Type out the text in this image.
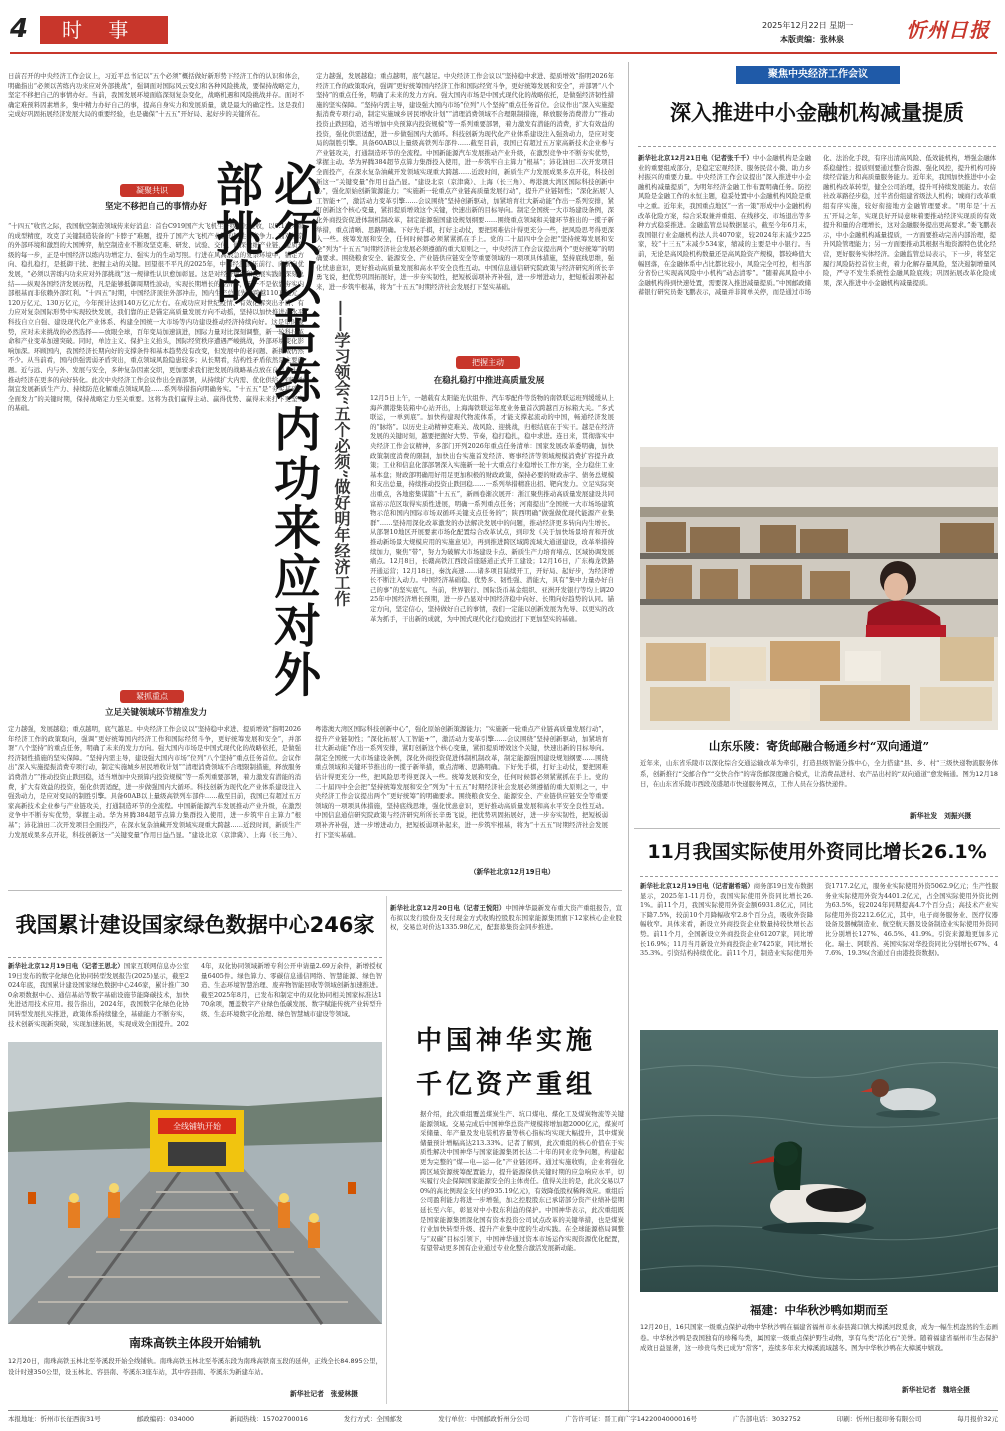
4	时 事	2025年12月22日 星期一
本版责编：张林泉	忻州日报
日前召开的中央经济工作会议上，习近平总书记以“五个必须”概括做好新形势下经济工作的认识和体会，明确指出“必须以苦练内功来应对外部挑战”，强调面对国际风云变幻和各种风险挑战，要保持战略定力，坚定不移把自己的事情办好。当前，我国发展环境面临深刻复杂变化，战略机遇和风险挑战并存。面对不确定难预料因素增多，集中精力办好自己的事，提高自身实力和发展质量，就是最大的确定性。这是我们完成好巩固拓展经济发展大局的重要经验，也是确保“十五五”开好局、起好步的关键所在。
凝聚共识
坚定不移把自己的事情办好
“十四五”收官之际，我国航空制造领域传来好消息：首台C919国产大飞机生产线通过验收，以0.1毫米级的成型精度，攻克了关键制造装备的“卡脖子”难题，提升了国产大飞机产业链的韧性与竞争力。面对复杂的外部环境和激烈的大国博弈，航空制造业不断攻坚克难、研发、试验、交付，做深做细产业链，提质升级的每一步，正是中国经济以练内功增定力、强实力的生动写照。行进在风高浪急的复杂环境中，锚定方向、稳扎稳打，是抵御干扰、把握主动的关键。回望很不平凡的2025年，中国经济顶压前行、向新向优发展，“必须以苦练内功来应对外部挑战”这一规律性认识愈加彰显。这是对经济规律和发展实践的深刻总结——纵观各国经济发展历程，凡是能够抵御周期性波动，实现长期增长的经济体，无一不是依靠夯实内部根基而非依赖外部红利。“十四五”时期，中国经济顶住外部冲击，国内生产总值先后跨越110万亿元、120万亿元、130万亿元，今年预计达到140万亿元左右。在成功应对世纪疫情、有效化解突出矛盾、有力应对复杂国际形势中实现较快发展，我们靠的正是锚定高质量发展方向不动摇，坚持以加快推进高水平科技自立自强、建设现代化产业体系、构建全国统一大市场等内功建设推动经济持续向好。这是审时度势，应对未来挑战的必然选择——放眼全球，百年变局加速演进，国际力量对比深刻调整，新一轮科技革命和产业变革加速突破。同时，单边主义、保护主义抬头，国际经贸秩序遭遇严峻挑战，外部环境变化影响加深。环顾国内，我国经济长期向好的支撑条件和基本趋势没有改变，但发展中的老问题、新挑战仍然不少。从当前看，国内供强需弱矛盾突出，重点领域风险隐患较多；从长期看，结构性矛盾依然是主要问题。近与远、内与外、发展与安全，多种复杂因素交织，更加要求我们把发展的战略基点放在自己身上，推动经济在更多的向好转化。此次中央经济工作会议作出全面部署，从持续扩大内需、优化供给，到因地制宜发展新质生产力、持续防范化解重点领域风险……系列举措指向明确务实。“十五五”是“夯实基础、全面发力”的关键时期，保持战略定力至关重要。这将为我们赢得主动、赢得优势、赢得未来打下更坚实的基础。
紧抓重点
立足关键领域环节精准发力
定力越强，发展越稳；重点越明，底气越足。中央经济工作会议以“坚持稳中求进、提质增效”指明2026年经济工作的政策取向，强调“更好统筹国内经济工作和国际经贸斗争，更好统筹发展和安全”，并部署“八个坚持”的重点任务，明确了未来的发力方向。强大国内市场是中国式现代化的战略依托，是做强经济韧性措施的坚实保障。“坚持内需主导，建设强大国内市场”位列“八个坚持”重点任务首位。会议作出“深入实施提振消费专项行动，制定实施城乡居民增收计划”“清理消费领域不合理限制措施，释放服务消费潜力”“推动投资止跌回稳，适当增加中央预算内投资规模”等一系列重要部署，着力激发有潜能的消费，扩大有效益的投资，强化供需适配，进一步做强国内大循环。科技创新为现代化产业体系建设注入强劲动力，是应对变局的制胜引擎。具备60AB以上量级高铁列车部件……截至目前，我国已有超过五万家高新技术企业参与产业链攻关，打通制造环节的全流程。中国新能源汽车发展推动产业升级，在激烈竞争中不断夯实优势，掌握主动。华为昇腾384超节点算力集群投入使用，进一步筑牢自主算力“根基”；沛花油田二次开发项目全面投产，在深水复杂油藏开发领域实现重大跨越……近段时间，新质生产力发展成果多点开花，科技创新这一“关键变量”作用日益凸显。“建设北京（京津冀）、上海（长三角）、粤港澳大湾区国际科技创新中心”，强化原始创新策源能力；“实施新一轮重点产业链高质量发展行动”，提升产业链韧性；“深化拓展‘人工智能+’”，激活动力变革引擎……会议围绕“坚持创新驱动，加紧培育壮大新动能”作出一系列安排，紧盯创新这个核心变量，紧扣提质增效这个关键，快速出新的目标导向。制定全国统一大市场建设条例，深化外商投资促进体制机制改革，制定能源强国建设规划纲要……围绕重点领域和关键环节推出的一揽子新举措，重点清晰、思路明确。下好先手棋，打好主动仗，要把困难估计得更充分一些，把风险思考得更深入一些。统筹发展和安全，任何时候都必须紧紧抓在手上。党的二十届四中全会把“坚持统筹发展和安全”列为“十五五”时期经济社会发展必须遵循的重大原则之一，中央经济工作会议提出两个“更好统筹”的明确要求。围绕粮食安全、能源安全、产业链供应链安全等重要领域的一项项具体措施，坚持底线思维，强化忧患意识，更好推动高质量发展和高水平安全良性互动。中国信息通信研究院政策与经济研究所所长辛勇飞说，把优势巩固拓展好，进一步夯实韧性，把短板弱项补齐补强，进一步增进动力，把短板弱项补起来，进一步筑牢根基，将为“十五五”时期经济社会发展打下坚实基础。
必须以苦练内功来应对外部挑战
——学习领会“五个必须”做好明年经济工作
定力越强，发展越稳；重点越明，底气越足。中央经济工作会议以“坚持稳中求进、提质增效”指明2026年经济工作的政策取向，强调“更好统筹国内经济工作和国际经贸斗争，更好统筹发展和安全”，并部署“八个坚持”的重点任务，明确了未来的发力方向。强大国内市场是中国式现代化的战略依托，是做强经济韧性措施的坚实保障。“坚持内需主导，建设强大国内市场”位列“八个坚持”重点任务首位。会议作出“深入实施提振消费专项行动，制定实施城乡居民增收计划”“清理消费领域不合理限制措施，释放服务消费潜力”“推动投资止跌回稳，适当增加中央预算内投资规模”等一系列重要部署，着力激发有潜能的消费，扩大有效益的投资，强化供需适配，进一步做强国内大循环。科技创新为现代化产业体系建设注入强劲动力，是应对变局的制胜引擎。具备60AB以上量级高铁列车部件……截至目前，我国已有超过五万家高新技术企业参与产业链攻关，打通制造环节的全流程。中国新能源汽车发展推动产业升级，在激烈竞争中不断夯实优势，掌握主动。华为昇腾384超节点算力集群投入使用，进一步筑牢自主算力“根基”；沛花油田二次开发项目全面投产，在深水复杂油藏开发领域实现重大跨越……近段时间，新质生产力发展成果多点开花，科技创新这一“关键变量”作用日益凸显。“建设北京（京津冀）、上海（长三角）、粤港澳大湾区国际科技创新中心”，强化原始创新策源能力；“实施新一轮重点产业链高质量发展行动”，提升产业链韧性；“深化拓展‘人工智能+’”，激活动力变革引擎……会议围绕“坚持创新驱动，加紧培育壮大新动能”作出一系列安排，紧盯创新这个核心变量，紧扣提质增效这个关键，快速出新的目标导向。制定全国统一大市场建设条例，深化外商投资促进体制机制改革，制定能源强国建设规划纲要……围绕重点领域和关键环节推出的一揽子新举措，重点清晰、思路明确。下好先手棋，打好主动仗，要把困难估计得更充分一些，把风险思考得更深入一些。统筹发展和安全，任何时候都必须紧紧抓在手上。党的二十届四中全会把“坚持统筹发展和安全”列为“十五五”时期经济社会发展必须遵循的重大原则之一，中央经济工作会议提出两个“更好统筹”的明确要求。围绕粮食安全、能源安全、产业链供应链安全等重要领域的一项项具体措施，坚持底线思维，强化忧患意识，更好推动高质量发展和高水平安全良性互动。中国信息通信研究院政策与经济研究所所长辛勇飞说，把优势巩固拓展好，进一步夯实韧性，把短板弱项补齐补强，进一步增进动力，把短板弱项补起来，进一步筑牢根基，将为“十五五”时期经济社会发展打下坚实基础。
把握主动
在稳扎稳打中推进高质量发展
12月5日上午，一趟载有太阳能光伏组件、汽车零配件等货物的南铁联运班列缓缓从上海芦潮港集装箱中心站开出，上海海铁联运年度业务量首次跨越百万标箱大关。“多式联运，一单到底”。加快构建现代物流体系，才能支撑起流动的中国，畅通经济发展的“脉络”。以历史主动精神克难关、战风险、迎挑战，归根结底在于实干。越是在经济发展的关键时刻，越要把握好大势、节奏，稳打稳扎，稳中求进。连日来，贯彻落实中央经济工作会议精神，多部门开列2026年重点任务清单：国家发展改革委明确，加快政策制度消费的限制，加快出台实施首发经济、赛事经济等领域规模消费扩容提升政策；工业和信息化部部署深入实施新一轮十大重点行业稳增长工作方案，全力稳住工业基本盘；财政部明确用好用足更加积极的财政政策，保持必要的财政赤字、债务总规模和支出总量，持续推动投资止跌回稳……一系列举措精准出招、靶向发力。立足实际突出重点，各地密集谋篇“十五五”，新画卷渐次展开：浙江聚焦推动高质量发展建设共同富裕示范区取得实质性进展，明确一系列重点任务；河南提出“全国统一大市场场建筑物示范和国内国际市场双循环关键支点任务的”；陕西明确“做强做优现代能源产业集群”……坚持用深化改革激发的办法解决发展中的问题，推动经济更多转向内生增长。从部署10地区开展要素市场化配置综合改革试点，到印发《关于加快场景培育和开放推动新场景大规模应用的实施意见》，再到推进跨区域跨流域大通道建设，改革举措持续加力，聚焦“带”，努力为破解大市场建设卡点、新质生产力培育堵点、区域协调发展痛点。12月8日，长赣高铁江西段首座隧道正式开工建设；12月16日，广东梅龙铁路开通运营；12月18日，秦沈高速……诸多项目陆续开工，开好局、起好步，为经济增长不断注入动力。中国经济基础稳、优势多、韧性强、潜能大，具有“集中力量办好自己的事”的坚实底气。当前，世界银行、国际货币基金组织、亚洲开发银行等均上调2025年中国经济增长预期，进一步凸显对中国经济稳中向好、长期向好趋势的认同。锚定方向，坚定信心，坚持做好自己的事情，我们一定能以创新发展为先导、以更实的改革为抓手，干出新的成就，为中国式现代化行稳致远打下更加坚实的基础。
（新华社北京12月19日电）
聚焦中央经济工作会议
深入推进中小金融机构减量提质
新华社北京12月21日电（记者张千千）中小金融机构是金融业的重要组成部分，是稳定宏观经济、服务民营小微、助力乡村振兴的重要力量。中央经济工作会议提出“深入推进中小金融机构减量提质”，为明年经济金融工作布置明确任务。防控风险是金融工作的永恒主题，稳妥处置中小金融机构风险是重中之重。近年来，我国重点地区“一省一策”形成中小金融机构改革化险方案，综合采取兼并重组、在线移交、市场退出等多种方式稳妥推进。金融监管总局数据显示，截至今年6月末，我国银行业金融机构法人共4070家，较2024年末减少225家，较“十三五”末减少534家，缩减的主要是中小银行。当前，无论是高风险机构数量还是高风险资产规模，都较峰值大幅回落，在金融体系中占比都比较小，风险完全可控，相当部分省份已实现高风险中小机构“动态清零”。“随着高风险中小金融机构得到快速处置，需要深入推进减量提质。”中国邮政储蓄银行研究员娄飞鹏表示，减量并非简单关停，而是通过市场化、法治化手段，有序出清高风险、低效能机构，增强金融体系稳健性；提质则要通过整合资源、强化风控，提升机构可持续经营能力和高质量服务能力。近年来，我国加快推进中小金融机构改革转型，健全公司治理，提升可持续发展能力。农信社改革路径步稳，过半省份组建省级法人机构；城商行改革重组有序实施，较好衔接地方金融管理要求。“明年是‘十五五’开局之年，实现良好开局意味着要推动经济实现质的有效提升和量的合理增长，这对金融服务提出更高要求。”娄飞鹏表示，中小金融机构减量提质，一方面要推动完善内部治理，提升风险管理能力；另一方面要推动其根据当地资源特色优化经营，更好服务实体经济。金融监管总局表示，下一步，将坚定履行风险防控首位主责，着力化解存量风险，坚决遏制增量风险，严守不发生系统性金融风险底线；巩固拓展改革化险成果，深入推进中小金融机构减量提质。
山东乐陵：寄货邮融合畅通乡村“双向通道”
近年来，山东省乐陵市以深化综合交通运输改革为牵引，打造县级智能分拣中心，全力搭建“县、乡、村”三级快递物流服务体系，创新推行“交邮合作”“交快合作”的寄货邮深度融合模式，让消费品进村、农产品出村的“双向通道”愈发畅通。图为12月18日，在山东省乐陵市西段茂盛超市快递服务网点，工作人员在分拣快递件。
新华社发　刘振兴摄
11月我国实际使用外资同比增长26.1%
新华社北京12月19日电（记者谢希瑶）商务部19日发布数据显示，2025年1-11月份，我国实际使用外资同比增长26.1%。前11个月，我国实际使用外资金额6931.8亿元，同比下降7.5%，较前10个月降幅收窄2.8个百分点，吸收外资降幅收窄。具体来看，新设立外商投资企业数量持较快增长态势。前11个月，全国新设立外商投资企业61207家，同比增长16.9%；11月当月新设立外商投资企业7425家，同比增长35.3%。引资结构持续优化。前11个月，制造业实际使用外资1717.2亿元，服务业实际使用外资5062.9亿元；生产性服务业实际使用外资为4401.2亿元，占全国实际使用外资比例为63.5%，较2024年同期提高4.7个百分点；高技术产业实际使用外资2212.6亿元，其中，电子商务服务业、医疗仪器设备及器械制造业、航空航天器及设备制造业实际使用外资同比分别增长127%、46.5%、41.9%。引资来源地更加多元化。瑞士、阿联酋、英国实际对华投资同比分别增长67%、47.6%、19.3%(含通过自由港投资数据)。
福建：中华秋沙鸭如期而至
12月20日，16只国家一级重点保护动物中华秋沙鸭在福建省福州市永泰县嵩口镇大樟溪河段觅食，成为一幅生机盎然的生态画卷。中华秋沙鸭是我国独有的珍稀鸟类，属国家一级重点保护野生动物，享有鸟类“活化石”美誉。随着福建省福州市生态保护成效日益显著，这一珍贵鸟类已成为“常客”，连续多年来大樟溪流域越冬。图为中华秋沙鸭在大樟溪中嬉戏。
新华社记者　魏培全摄
我国累计建设国家绿色数据中心246家
新华社北京12月19日电（记者王思北）国家互联网信息办公室19日发布的数字化绿色化协同转型发展报告(2025)显示，截至2024年底，我国累计建设国家绿色数据中心246家，累计推广300余项数据中心、通信基站等数字基础设施节能降碳技术，加快先进适用技术应用。报告指出，2024年，我国数字化绿色化协同转型发展扎实推进，政策体系持续健全，基础能力不断夯实，技术创新实现新突破，实现加速拓展，实现成效全面提升。2024年，双化协同领域新增专利公开申请量2.69万余件，新增授权量6405件。绿色算力、零碳信息通信网络、智慧能源、绿色智造、生态环境智慧治理、废弃物智能回收等领域创新加速推进。截至2025年8月，已发布和制定中的双化协同相关国家标准达170余项，覆盖数字产业绿色低碳发展、数字赋能传统产业转型升级、生态环境数字化治理、绿色智慧城市建设等领域。
全线铺轨开始
南珠高铁主体段开始铺轨
12月20日，南珠高铁玉林北至苓溪段开始全线铺轨。南珠高铁玉林北至苓溪东段为南珠高铁南玉段的延伸，正线全长84.895公里，设计时速350公里，设玉林北、容县南、苓溪东3座车站，其中容县南、苓溪东为新建车站。
新华社记者　张爱林摄
新华社北京12月20日电（记者王悦阳）中国神华最新发布重大资产重组报告，宣布拟以发行股份及支付现金方式收购控股股东国家能源集团旗下12家核心企业股权，交易总对价达1335.98亿元，配套募集资金同步推进。
中国神华实施
千亿资产重组
据介绍，此次重组覆盖煤炭生产、坑口煤电、煤化工及煤炭物流等关键能源领域。交易完成后中国神华总资产规模将增加超2000亿元，煤炭可采储量、年产量及发电装机容量等核心指标均实现大幅提升，其中煤炭储量预计增幅高达213.33%。记者了解到，此次重组的核心价值在于实质性解决中国神华与国家能源集团长达二十年的同业竞争问题，构建起更为完整的“煤—电—运—化”产业链闭环。通过实施收购，企业将强化跨区域资源统筹配置能力，提升能源保供关键时期的应急响应水平，切实履行央企保障国家能源安全的主体责任。值得关注的是，此次交易以70%的高比例现金支付(约935.19亿元)，有效降低股权稀释效应。重组后公司盈利能力将进一步增强，加之控股股东已承诺部分资产业绩补偿期延长至六年，彰显对中小股东利益的保护。中国神华表示，此次重组既是国家能源集团深化国有资本投资公司试点改革的关键举措，也是煤炭行业加快转型升级、提升产业集中度的生动实践。在全球能源格局调整与“双碳”目标引领下，中国神华通过资本市场运作实现资源优化配置，有望带动更多国有企业通过专业化整合激活发展新动能。
本报地址：忻州市长征西街31号	邮政编码：034000	新闻热线：15702700016	发行方式：全国邮发	发行单位：中国邮政忻州分公司	广告许可证：晋工商广字1422004000016号	广告部电话：3032752	印刷：忻州日报印务有限公司	每月报价32元
